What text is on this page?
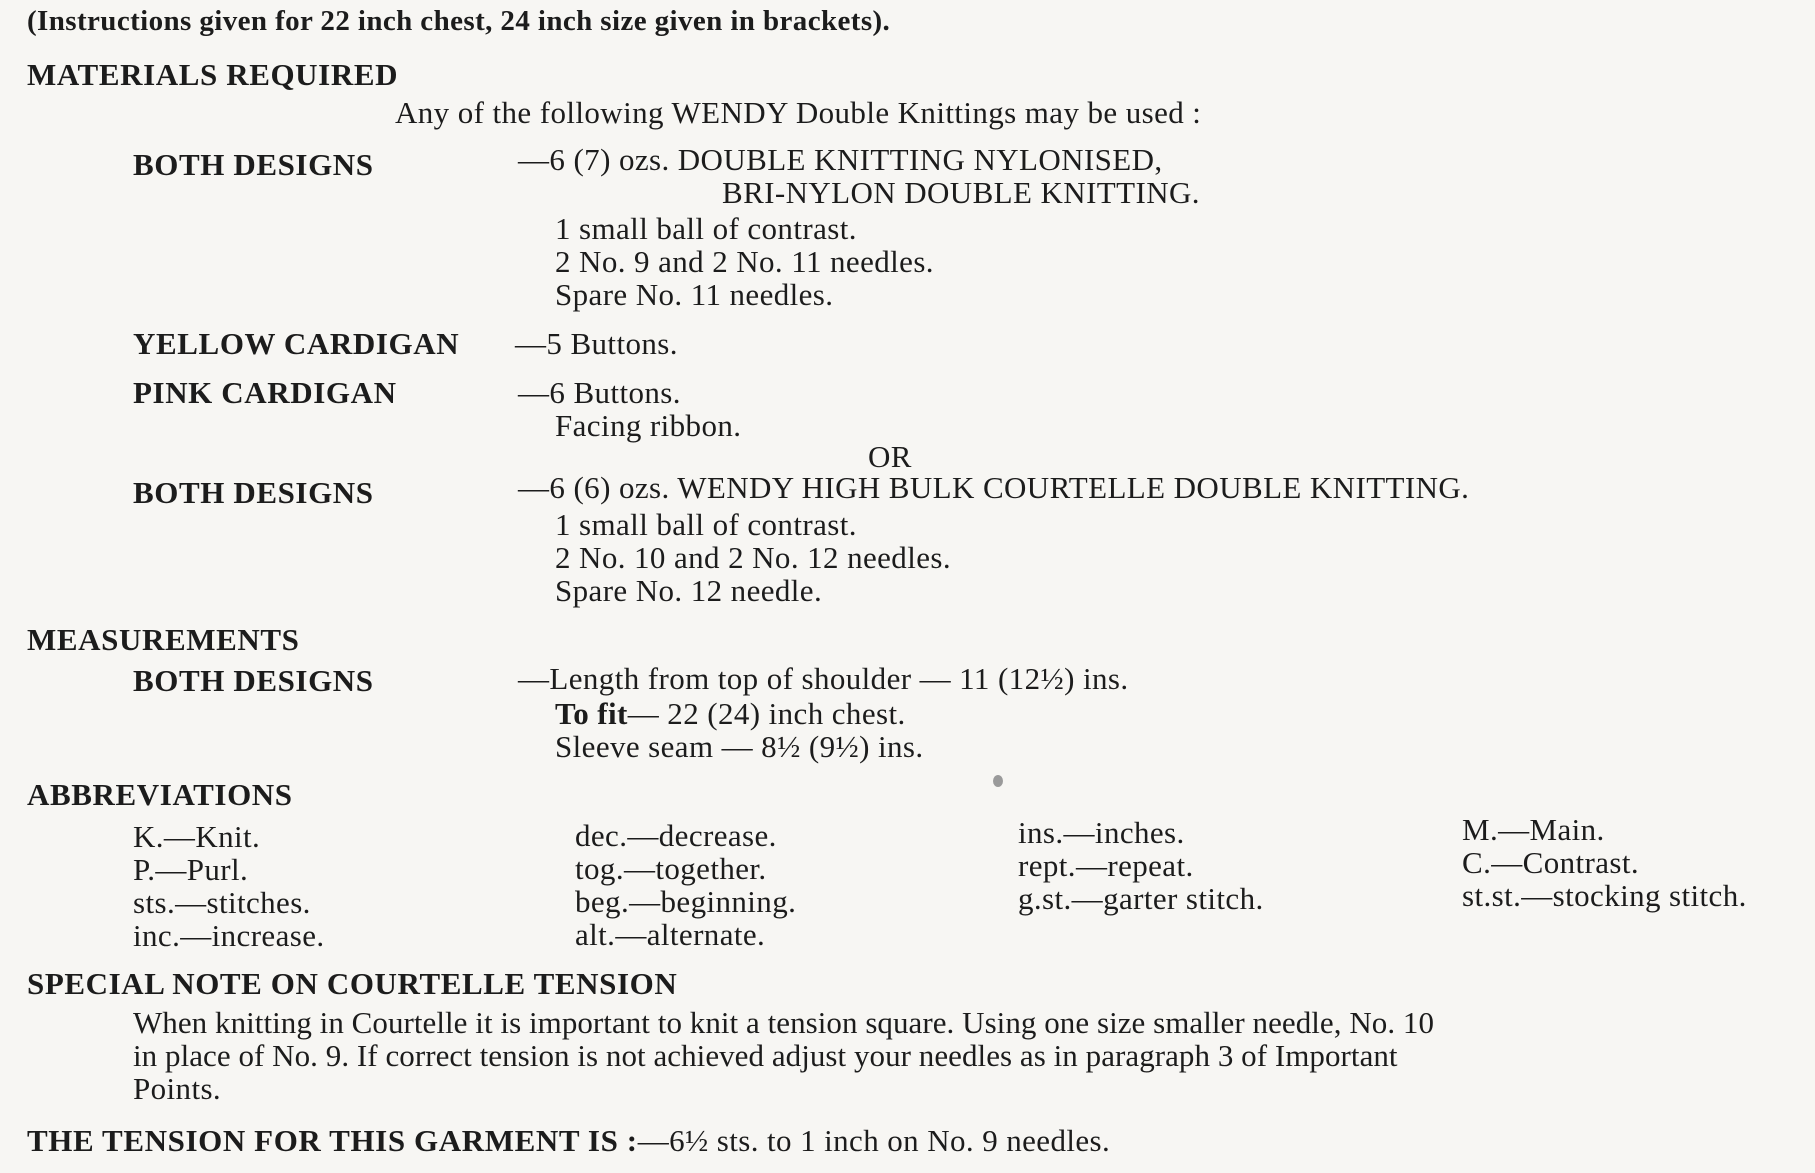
(Instructions given for 22 inch chest, 24 inch size given in brackets).
MATERIALS REQUIRED
Any of the following WENDY Double Knittings may be used :
BOTH DESIGNS	—6 (7) ozs. DOUBLE KNITTING NYLONISED,
BRI-NYLON DOUBLE KNITTING.
1 small ball of contrast.
2 No. 9 and 2 No. 11 needles.
Spare No. 11 needles.
YELLOW CARDIGAN —5 Buttons.
PINK CARDIGAN	—6 Buttons.
Facing ribbon.
OR
BOTH DESIGNS	—6 (6) ozs. WENDY HIGH BULK COURTELLE DOUBLE KNITTING.
1 small ball of contrast.
2 No. 10 and 2 No. 12 needles.
Spare No. 12 needle.
MEASUREMENTS
BOTH DESIGNS	—Length from top of shoulder — 11 (12½) ins.
To fit— 22 (24) inch chest.
Sleeve seam — 8½ (9½) ins.
ABBREVIATIONS
K.—Knit.
P.—Purl.
sts.—stitches.
inc.—increase.
dec.—decrease.
tog.—together.
beg.—beginning.
alt.—alternate.
ins.—inches.
rept.—repeat.
g.st.—garter stitch.
M.—Main.
C.—Contrast.
st.st.—stocking stitch.
SPECIAL NOTE ON COURTELLE TENSION
When knitting in Courtelle it is important to knit a tension square. Using one size smaller needle, No. 10
in place of No. 9. If correct tension is not achieved adjust your needles as in paragraph 3 of Important
Points.
THE TENSION FOR THIS GARMENT IS :—6½ sts. to 1 inch on No. 9 needles.
